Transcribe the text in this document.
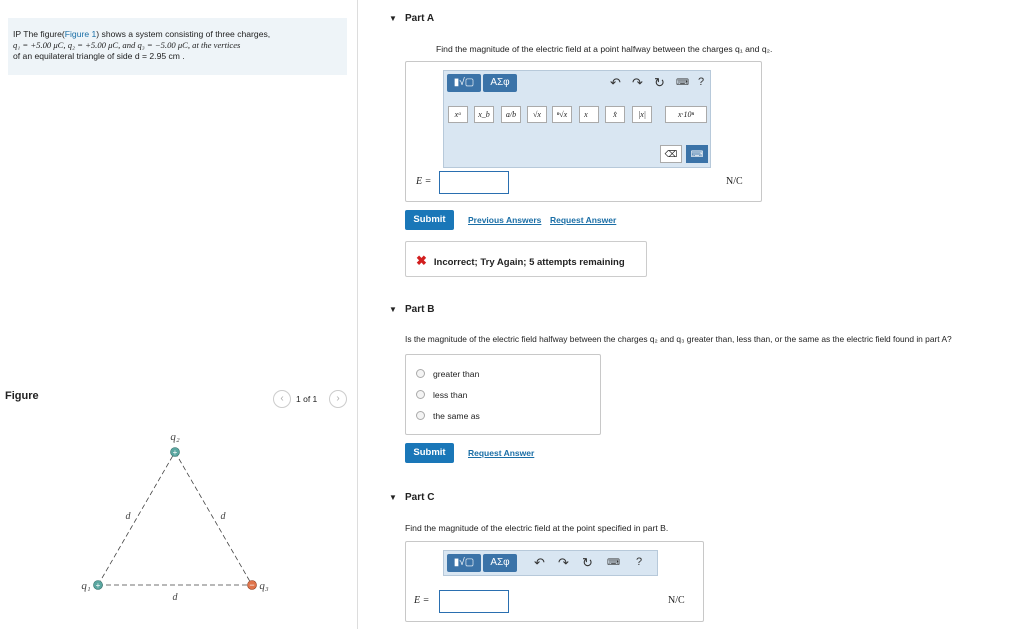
IP The figure(Figure 1) shows a system consisting of three charges,
q₁ = +5.00 μC, q₂ = +5.00 μC, and q₃ = −5.00 μC, at the vertices
of an equilateral triangle of side d = 2.95 cm .
Figure	‹	1 of 1	›
+
+	−
q₂
q₁	q₃
d	d
d
▼ Part A
Find the magnitude of the electric field at a point halfway between the charges q₁ and q₂.
▮√▢	ΑΣφ	↶ ↷ ↻ ⌨ ?
xᵃ	x_b	a/b	√x	ⁿ√x	x⃗	x̂	|x|	x·10ⁿ
⌫	⌨
E =	N/C
Submit	Previous Answers Request Answer
✖ Incorrect; Try Again; 5 attempts remaining
▼ Part B
Is the magnitude of the electric field halfway between the charges q₂ and q₃ greater than, less than, or the same as the electric field found in part A?
greater than
less than
the same as
Submit	Request Answer
▼ Part C
Find the magnitude of the electric field at the point specified in part B.
▮√▢	ΑΣφ	↶ ↷ ↻ ⌨ ?
E =	N/C
